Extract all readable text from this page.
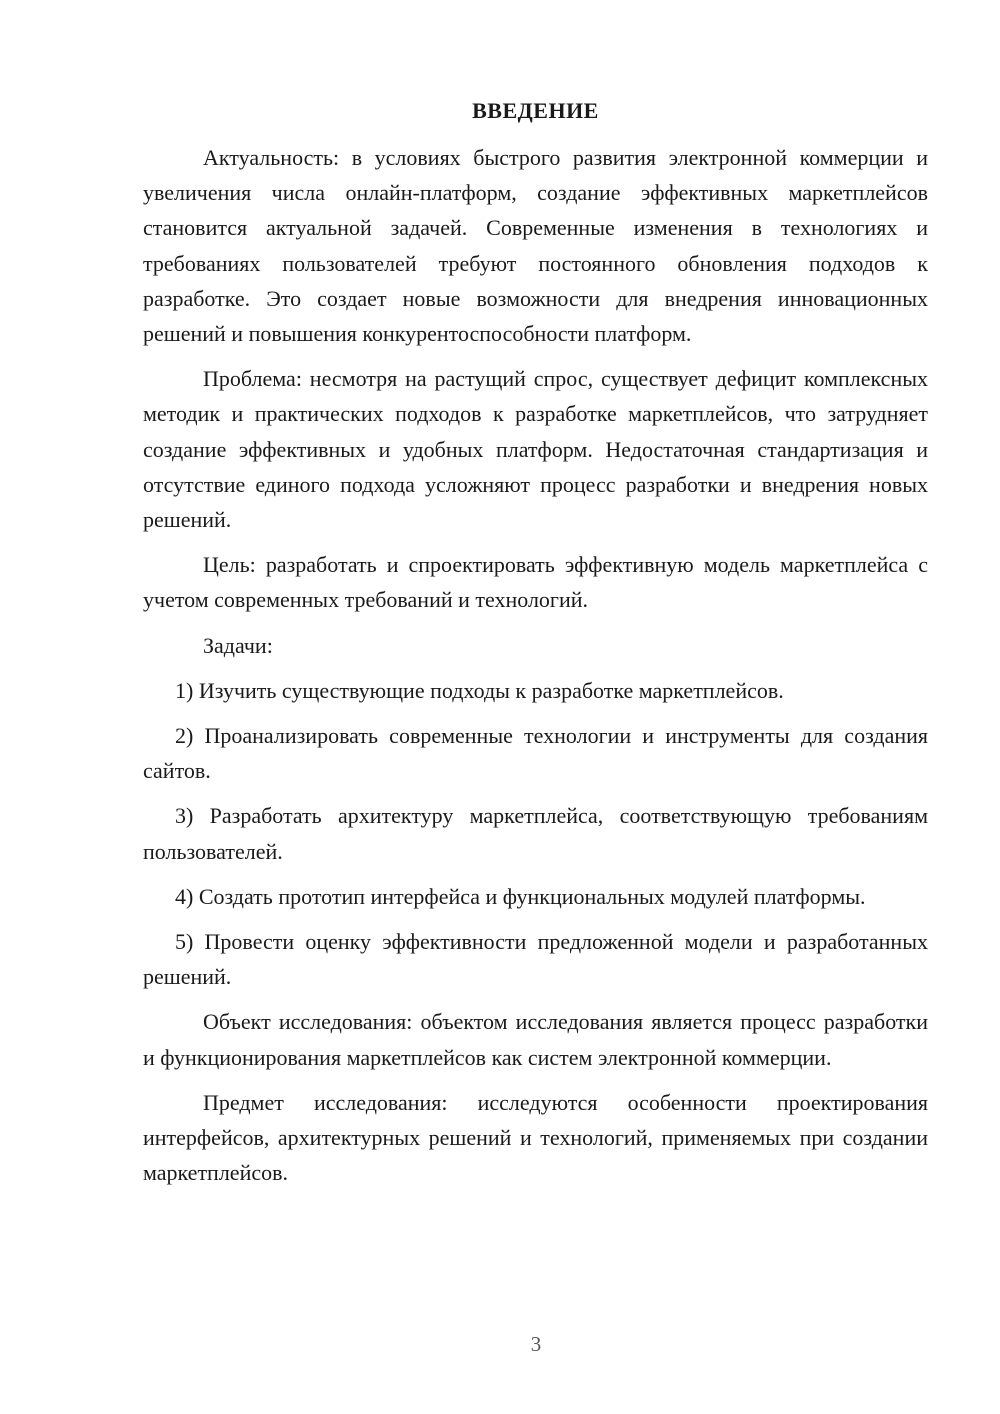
ВВЕДЕНИЕ

Актуальность: в условиях быстрого развития электронной коммерции и увеличения числа онлайн-платформ, создание эффективных маркетплейсов становится актуальной задачей. Современные изменения в технологиях и требованиях пользователей требуют постоянного обновления подходов к разработке. Это создает новые возможности для внедрения инновационных решений и повышения конкурентоспособности платформ.

Проблема: несмотря на растущий спрос, существует дефицит комплексных методик и практических подходов к разработке маркетплейсов, что затрудняет создание эффективных и удобных платформ. Недостаточная стандартизация и отсутствие единого подхода усложняют процесс разработки и внедрения новых решений.

Цель: разработать и спроектировать эффективную модель маркетплейса с учетом современных требований и технологий.

Задачи:

1) Изучить существующие подходы к разработке маркетплейсов.

2) Проанализировать современные технологии и инструменты для создания сайтов.

3) Разработать архитектуру маркетплейса, соответствующую требованиям пользователей.

4) Создать прототип интерфейса и функциональных модулей платформы.

5) Провести оценку эффективности предложенной модели и разработанных решений.

Объект исследования: объектом исследования является процесс разработки и функционирования маркетплейсов как систем электронной коммерции.

Предмет исследования: исследуются особенности проектирования интерфейсов, архитектурных решений и технологий, применяемых при создании маркетплейсов.

3
